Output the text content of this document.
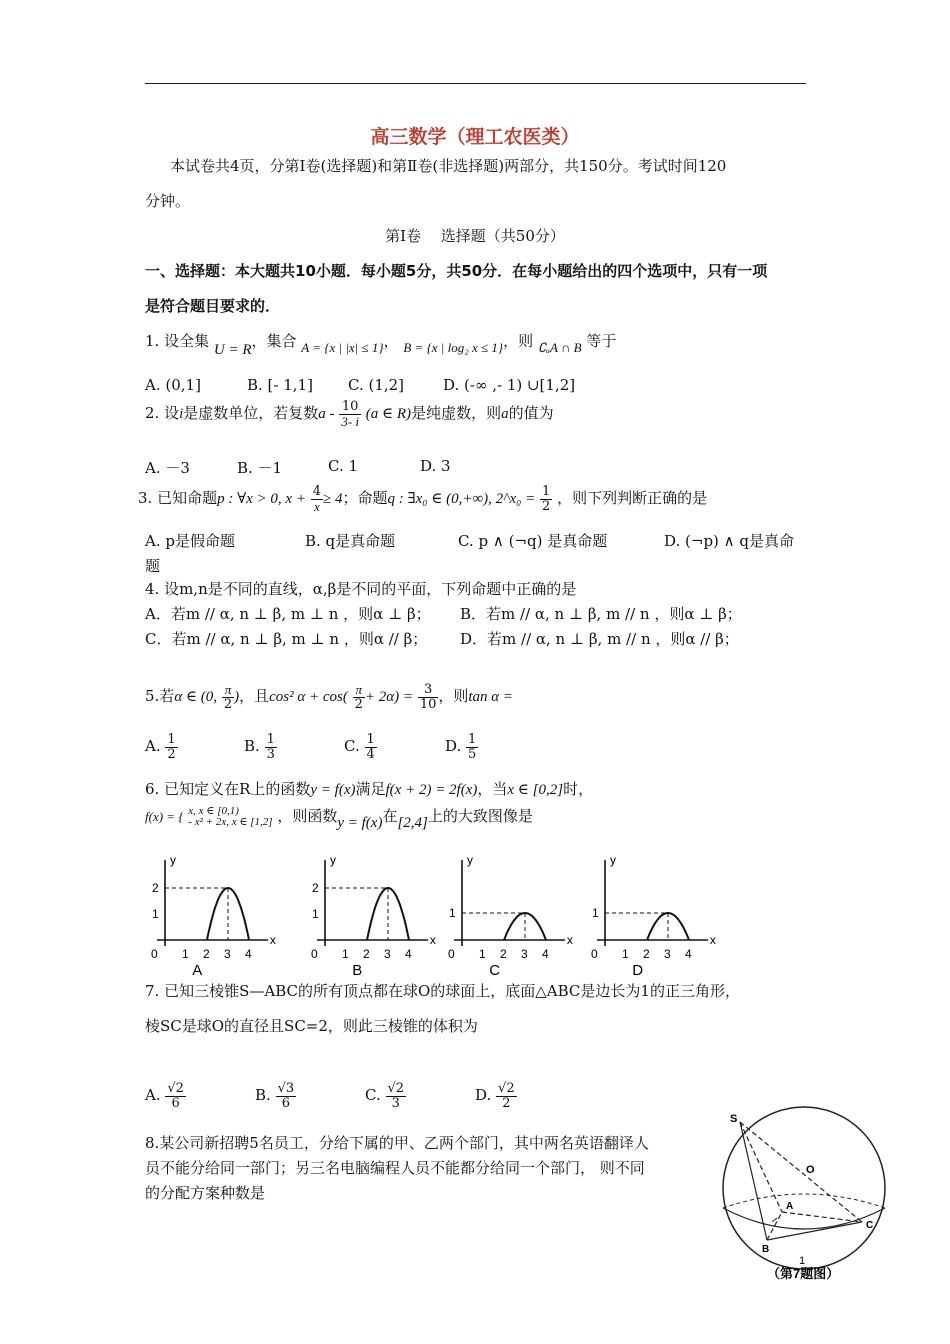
高三数学（理工农医类）
本试卷共4页，分第Ⅰ卷(选择题)和第Ⅱ卷(非选择题)两部分，共150分。考试时间120
分钟。
第Ⅰ卷　 选择题（共50分）
一、选择题：本大题共10小题．每小题5分，共50分．在每小题给出的四个选项中，只有一项
是符合题目要求的．
1. 设全集 U = R，集合 A = {x | |x| ≤ 1}， B = {x | log₂ x ≤ 1}，则 ∁ᵤA ∩ B 等于
A. (0,1]	B. [- 1,1] C. (1,2]	D. (-∞ ,- 1) ∪[1,2]
2. 设i是虚数单位，若复数a - $\frac{10}{3- i} (a$ ∈ R)是纯虚数，则a的值为
A. －3	B. －1	C. 1	D. 3
3. 已知命题p : ∀x > 0, $x + \frac{4}{x} \ge 4$；命题q : ∃x₀ ∈ (0,+∞), 2^x₀ = $\frac{1}{2}$ ，则下列判断正确的是
A. p是假命题	B. q是真命题	C. p ∧ (¬q) 是真命题	D. (¬p) ∧ q是真命
题
4. 设m,n是不同的直线，α,β是不同的平面，下列命题中正确的是
A．若m // α, n ⊥ β, m ⊥ n ，则α ⊥ β； B．若m // α, n ⊥ β, m // n ，则α ⊥ β；
C．若m // α, n ⊥ β, m ⊥ n ，则α // β； D．若m // α, n ⊥ β, m // n ，则α // β；
5.若α ∈ (0, $\frac{\pi}{2}$ )，且cos² $\alpha + \cos( \frac{\pi}{2} + 2\alpha) = \frac{3}{10}$ ，则tan α =
A. $\frac{1}{2}$	B. $\frac{1}{3}$	C. $\frac{1}{4}$	D. $\frac{1}{5}$
6. 已知定义在R上的函数y = f(x)满足f(x + 2) = 2f(x)，当x ∈ [0,2]时，
f(x) = { x, x ∈ [0,1)
- x² + 2x, x ∈ [1,2] ，则函数y = f(x)在[2,4]上的大致图像是
x
y
0 1 2 3 4
1
2
A
x
y
0 1 2 3 4
1
2
B
x
y
0 1 2 3 4
1
C
x
y
0 1 2 3 4
1
D
7. 已知三棱锥S—ABC的所有顶点都在球O的球面上，底面△ABC是边长为1的正三角形，
棱SC是球O的直径且SC=2，则此三棱锥的体积为
A. $\frac{√2}{6}$	B. $\frac{√3}{6}$	C. $\frac{√2}{3}$	D. $\frac{√2}{2}$
8.某公司新招聘5名员工，分给下属的甲、乙两个部门，其中两名英语翻译人
员不能分给同一部门；另三名电脑编程人员不能都分给同一个部门， 则不同
的分配方案种数是
S
O
A
B
C
1
（第7题图）
